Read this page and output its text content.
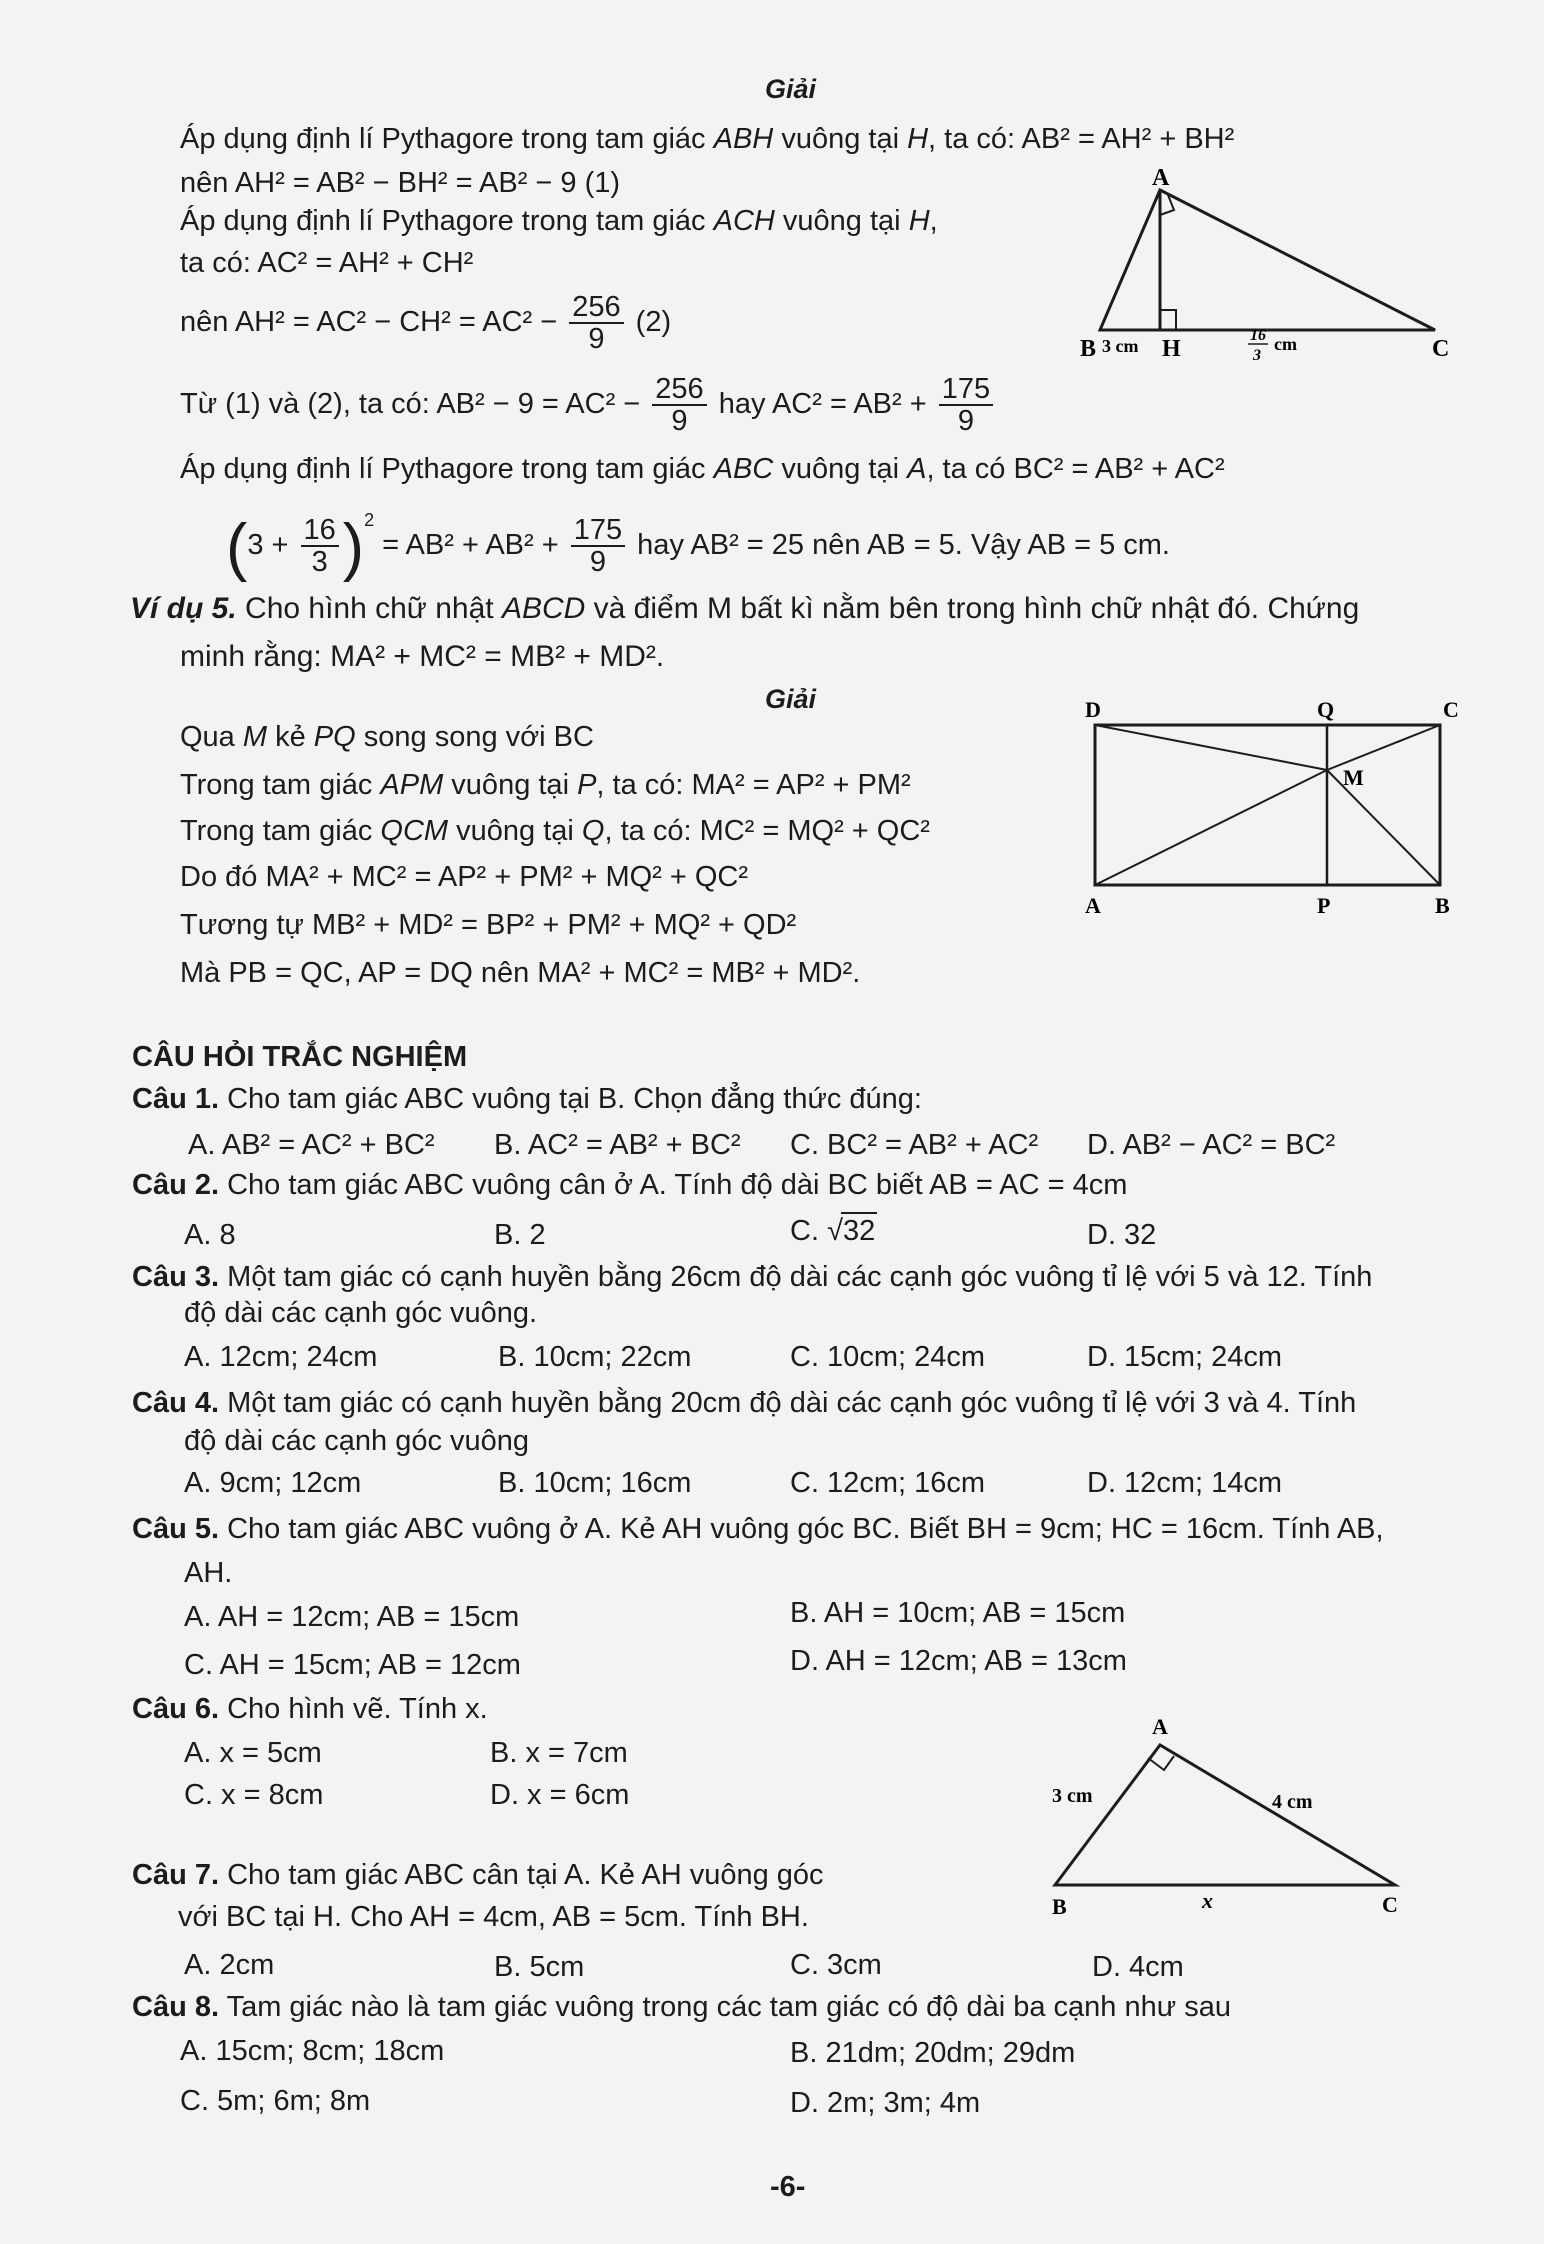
Giải
Áp dụng định lí Pythagore trong tam giác ABH vuông tại H, ta có: AB² = AH² + BH²
nên AH² = AB² − BH² = AB² − 9 (1)
Áp dụng định lí Pythagore trong tam giác ACH vuông tại H,
ta có: AC² = AH² + CH²
nên $AH^2 = AC^2 - CH^2 = AC^2 - \frac{256}{9} (2)$
Từ (1) và (2), ta có: $AB^2 - 9 = AC^2 - \frac{256}{9}$ hay $AC^2 = AB^2 + \frac{175}{9}$
Áp dụng định lí Pythagore trong tam giác ABC vuông tại A, ta có BC² = AB² + AC²
$(3 + \frac{16}{3} )^2 = AB^2 + AB^2 + \frac{175}{9}$ hay AB² = 25 nên AB = 5. Vậy AB = 5 cm.
A
B 3 cm H
16
3
cm	C
Ví dụ 5. Cho hình chữ nhật ABCD và điểm M bất kì nằm bên trong hình chữ nhật đó. Chứng
minh rằng: MA² + MC² = MB² + MD².
Giải
Qua M kẻ PQ song song với BC
Trong tam giác APM vuông tại P, ta có: MA² = AP² + PM²
Trong tam giác QCM vuông tại Q, ta có: MC² = MQ² + QC²
Do đó MA² + MC² = AP² + PM² + MQ² + QC²
Tương tự MB² + MD² = BP² + PM² + MQ² + QD²
Mà PB = QC, AP = DQ nên MA² + MC² = MB² + MD².
D	Q	C
M
A	P	B
CÂU HỎI TRẮC NGHIỆM
Câu 1. Cho tam giác ABC vuông tại B. Chọn đẳng thức đúng:
A. AB² = AC² + BC² B. AC² = AB² + BC² C. BC² = AB² + AC² D. AB² − AC² = BC²
Câu 2. Cho tam giác ABC vuông cân ở A. Tính độ dài BC biết AB = AC = 4cm
A. 8	B. 2	C. √32	D. 32
Câu 3. Một tam giác có cạnh huyền bằng 26cm độ dài các cạnh góc vuông tỉ lệ với 5 và 12. Tính
độ dài các cạnh góc vuông.
A. 12cm; 24cm	B. 10cm; 22cm	C. 10cm; 24cm	D. 15cm; 24cm
Câu 4. Một tam giác có cạnh huyền bằng 20cm độ dài các cạnh góc vuông tỉ lệ với 3 và 4. Tính
độ dài các cạnh góc vuông
A. 9cm; 12cm	B. 10cm; 16cm	C. 12cm; 16cm	D. 12cm; 14cm
Câu 5. Cho tam giác ABC vuông ở A. Kẻ AH vuông góc BC. Biết BH = 9cm; HC = 16cm. Tính AB,
AH.
A. AH = 12cm; AB = 15cm	B. AH = 10cm; AB = 15cm
C. AH = 15cm; AB = 12cm	D. AH = 12cm; AB = 13cm
Câu 6. Cho hình vẽ. Tính x.
A. x = 5cm	B. x = 7cm
C. x = 8cm	D. x = 6cm
A
B	C
3 cm	4 cm
x
Câu 7. Cho tam giác ABC cân tại A. Kẻ AH vuông góc
với BC tại H. Cho AH = 4cm, AB = 5cm. Tính BH.
A. 2cm	B. 5cm	C. 3cm	D. 4cm
Câu 8. Tam giác nào là tam giác vuông trong các tam giác có độ dài ba cạnh như sau
A. 15cm; 8cm; 18cm	B. 21dm; 20dm; 29dm
C. 5m; 6m; 8m	D. 2m; 3m; 4m
-6-
